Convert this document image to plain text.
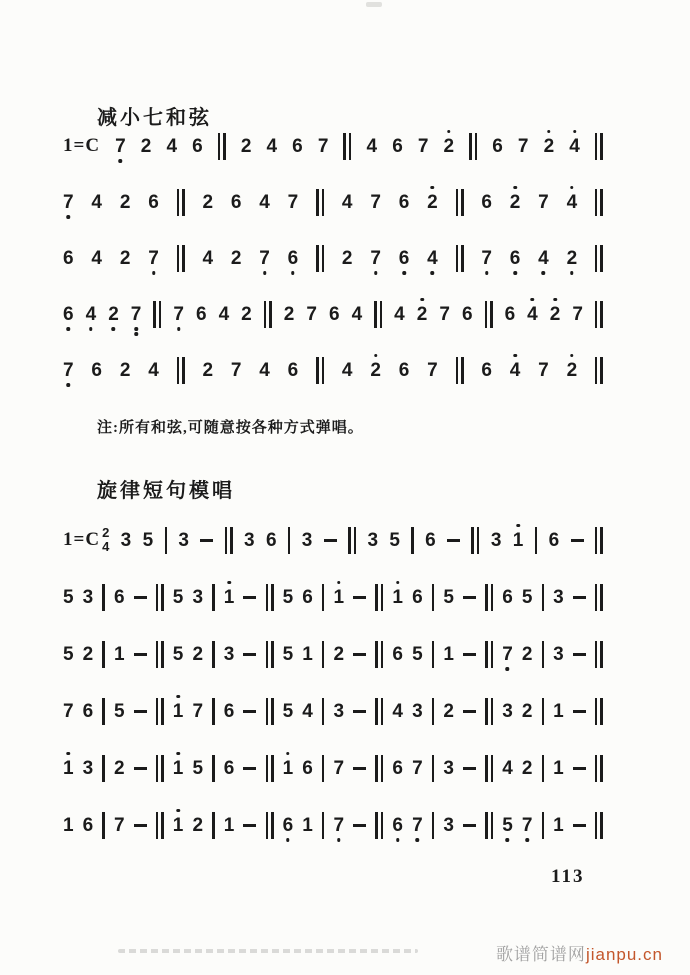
减小七和弦
1=C 7 2 4 6 2 4 6 7 4 6 7 2 6 7 2 4
7 4 2 6 2 6 4 7 4 7 6 2 6 2 7 4
6 4 2 7 4 2 7 6 2 7 6 4 7 6 4 2
6 4 2 7 7 6 4 2 2 7 6 4 4 2 7 6 6 4 2 7
7 6 2 4 2 7 4 6 4 2 6 7 6 4 7 2

注:所有和弦,可随意按各种方式弹唱。

旋律短句模唱
1=C 2
4 3 5 3	3 6 3	3 5 6	3 1 6
5 3 6	5 3 1	5 6 1	1 6 5	6 5 3
5 2 1	5 2 3	5 1 2	6 5 1	7 2 3
7 6 5	1 7 6	5 4 3	4 3 2	3 2 1
1 3 2	1 5 6	1 6 7	6 7 3	4 2 1
1 6 7	1 2 1	6 1 7	6 7 3	5 7 1
113
歌谱简谱网jianpu.cn
